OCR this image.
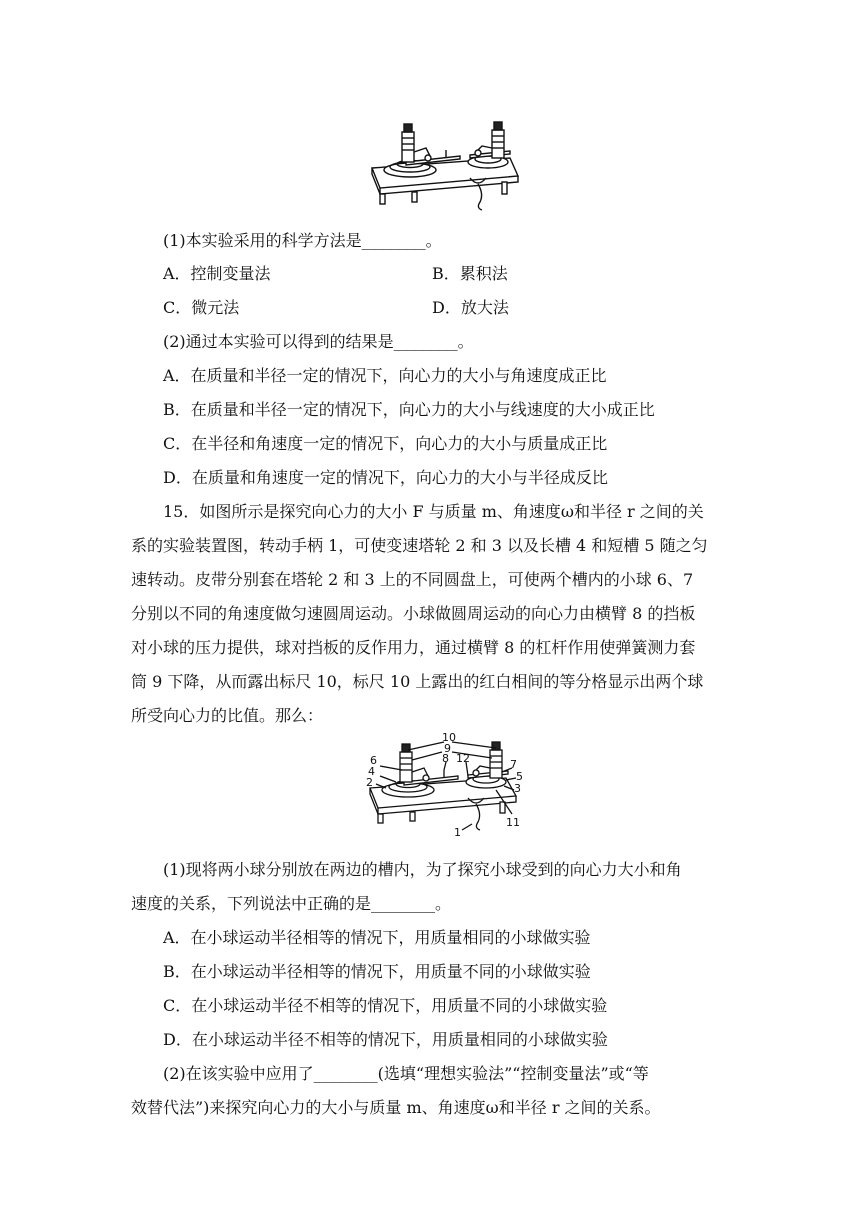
(1)本实验采用的科学方法是________。
A．控制变量法	B．累积法
C．微元法	D．放大法
(2)通过本实验可以得到的结果是________。
A．在质量和半径一定的情况下，向心力的大小与角速度成正比
B．在质量和半径一定的情况下，向心力的大小与线速度的大小成正比
C．在半径和角速度一定的情况下，向心力的大小与质量成正比
D．在质量和角速度一定的情况下，向心力的大小与半径成反比
15．如图所示是探究向心力的大小 F 与质量 m、角速度ω和半径 r 之间的关
系的实验装置图，转动手柄 1，可使变速塔轮 2 和 3 以及长槽 4 和短槽 5 随之匀
速转动。皮带分别套在塔轮 2 和 3 上的不同圆盘上，可使两个槽内的小球 6、7
分别以不同的角速度做匀速圆周运动。小球做圆周运动的向心力由横臂 8 的挡板
对小球的压力提供，球对挡板的反作用力，通过横臂 8 的杠杆作用使弹簧测力套
筒 9 下降，从而露出标尺 10，标尺 10 上露出的红白相间的等分格显示出两个球
所受向心力的比值。那么：
10
6
9
4
8 12	7
2	5
3
11
1
(1)现将两小球分别放在两边的槽内，为了探究小球受到的向心力大小和角
速度的关系，下列说法中正确的是________。
A．在小球运动半径相等的情况下，用质量相同的小球做实验
B．在小球运动半径相等的情况下，用质量不同的小球做实验
C．在小球运动半径不相等的情况下，用质量不同的小球做实验
D．在小球运动半径不相等的情况下，用质量相同的小球做实验
(2)在该实验中应用了________(选填“理想实验法”“控制变量法”或“等
效替代法”)来探究向心力的大小与质量 m、角速度ω和半径 r 之间的关系。
